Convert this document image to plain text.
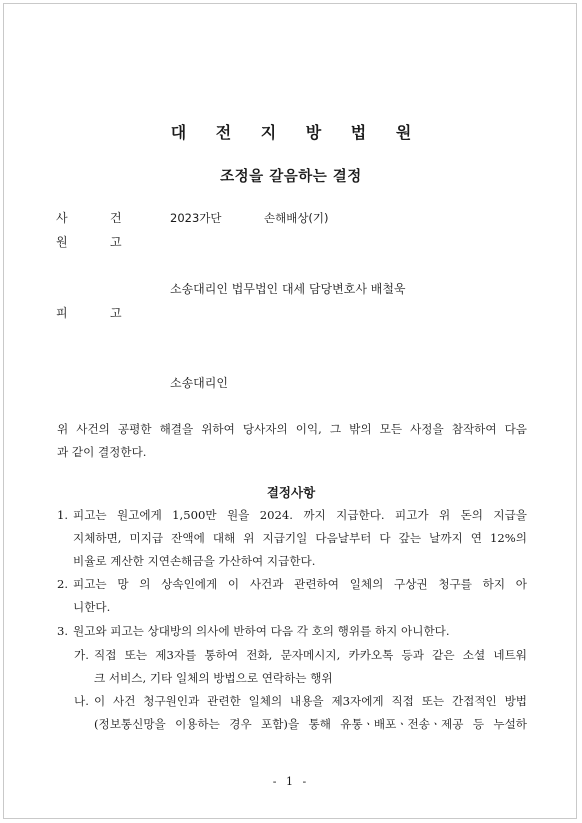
대 전 지 방 법 원
조정을 갈음하는 결정
사	건	2023가단	손해배상(기)
원	고
소송대리인 법무법인 대세 담당변호사 배철욱
피	고
소송대리인
위 사건의 공평한 해결을 위하여 당사자의 이익, 그 밖의 모든 사정을 참작하여 다음
과 같이 결정한다.
결정사항
1. 피고는 원고에게 1,500만 원을 2024. 까지 지급한다. 피고가 위 돈의 지급을
지체하면, 미지급 잔액에 대해 위 지급기일 다음날부터 다 갚는 날까지 연 12%의
비율로 계산한 지연손해금을 가산하여 지급한다.
2. 피고는 망 의 상속인에게 이 사건과 관련하여 일체의 구상권 청구를 하지 아
니한다.
3. 원고와 피고는 상대방의 의사에 반하여 다음 각 호의 행위를 하지 아니한다.
가. 직접 또는 제3자를 통하여 전화, 문자메시지, 카카오톡 등과 같은 소셜 네트워
크 서비스, 기타 일체의 방법으로 연락하는 행위
나. 이 사건 청구원인과 관련한 일체의 내용을 제3자에게 직접 또는 간접적인 방법
(정보통신망을 이용하는 경우 포함)을 통해 유통ㆍ배포ㆍ전송ㆍ제공 등 누설하
- 1 -
